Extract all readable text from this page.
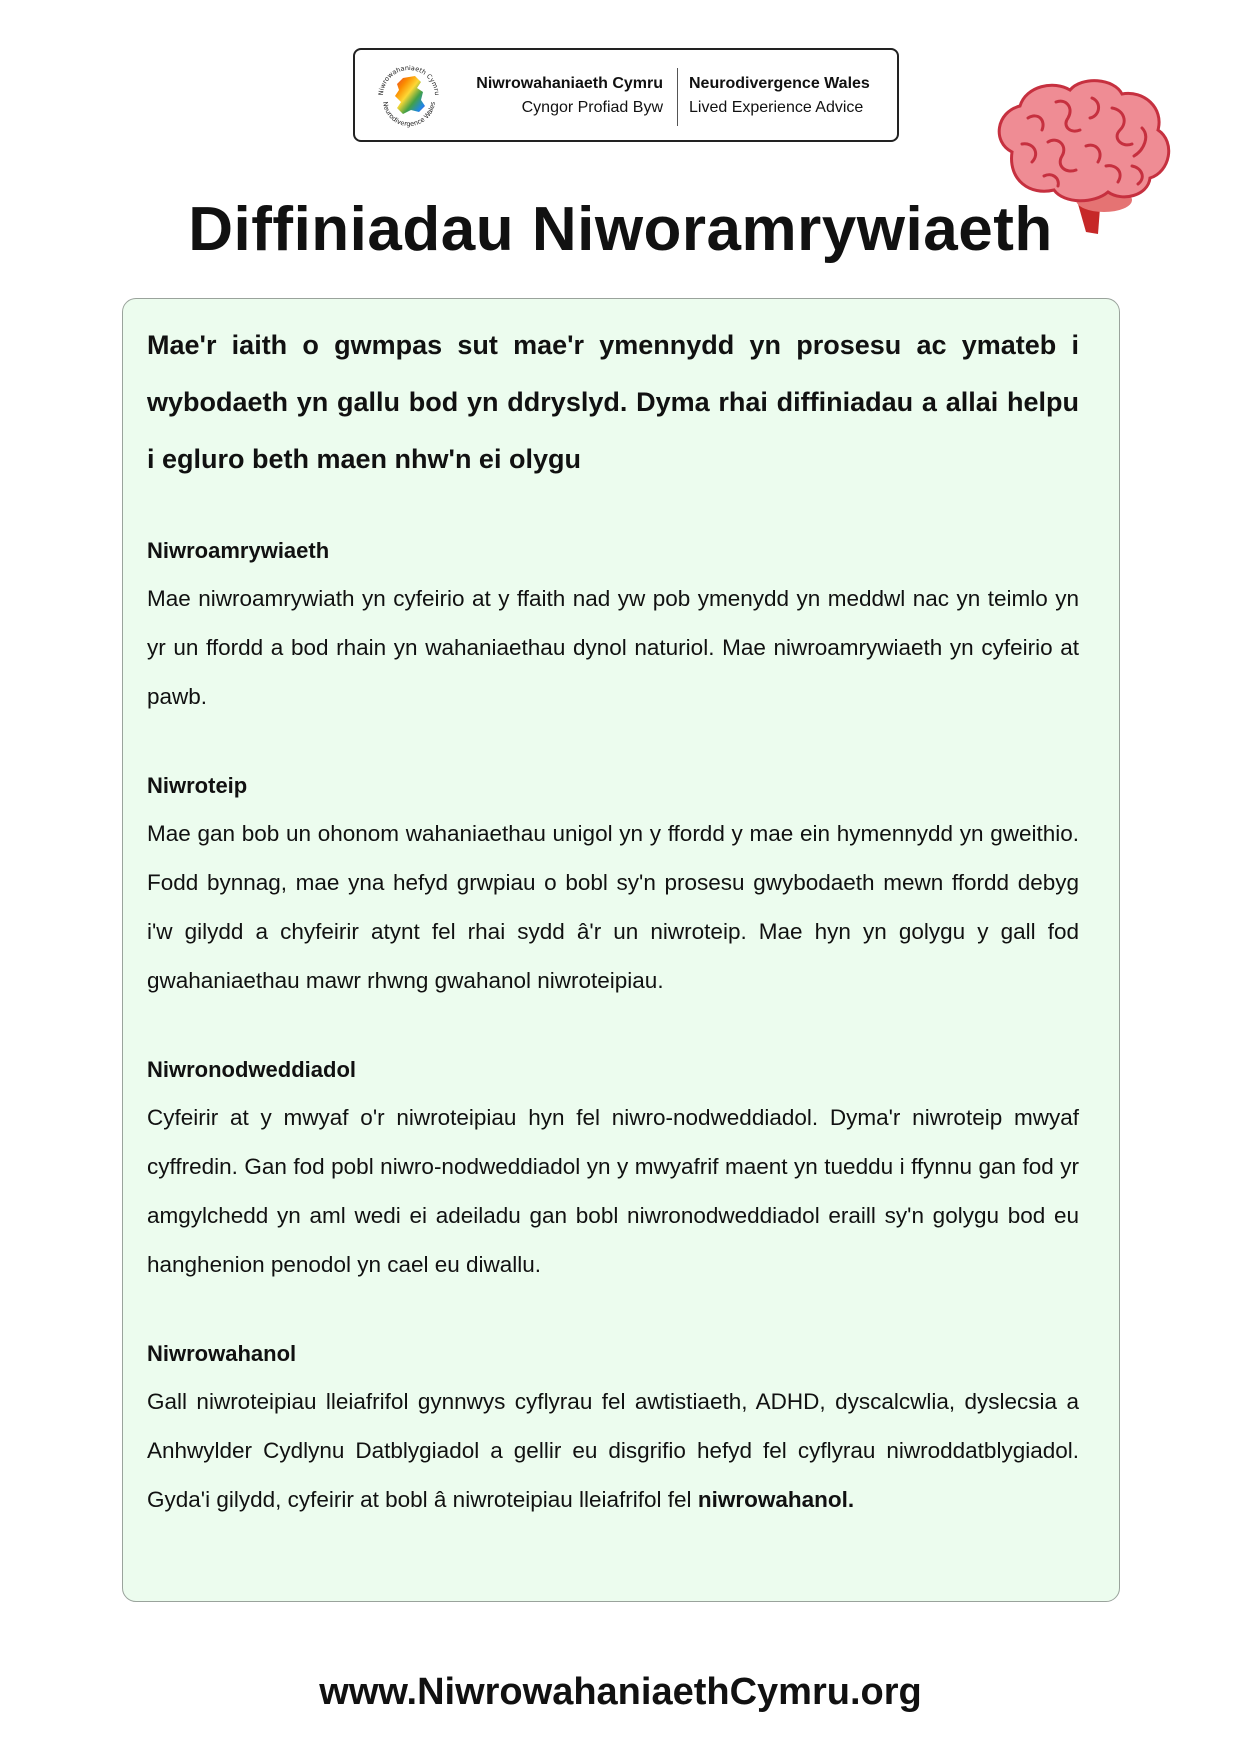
Niwrowahaniaeth Cymru
Neurodivergence Wales
Niwrowahaniaeth Cymru
Cyngor Profiad Byw
Neurodivergence Wales
Lived Experience Advice
Diffiniadau Niworamrywiaeth

Mae'r iaith o gwmpas sut mae'r ymennydd yn prosesu ac ymateb i wybodaeth yn gallu bod yn ddryslyd. Dyma rhai diffiniadau a allai helpu i egluro beth maen nhw'n ei olygu

Niwroamrywiaeth

Mae niwroamrywiath yn cyfeirio at y ffaith nad yw pob ymenydd yn meddwl nac yn teimlo yn yr un ffordd a bod rhain yn wahaniaethau dynol naturiol. Mae niwroamrywiaeth yn cyfeirio at pawb.

Niwroteip

Mae gan bob un ohonom wahaniaethau unigol yn y ffordd y mae ein hymennydd yn gweithio. Fodd bynnag, mae yna hefyd grwpiau o bobl sy'n prosesu gwybodaeth mewn ffordd debyg i'w gilydd a chyfeirir atynt fel rhai sydd â'r un niwroteip. Mae hyn yn golygu y gall fod gwahaniaethau mawr rhwng gwahanol niwroteipiau.

Niwronodweddiadol

Cyfeirir at y mwyaf o'r niwroteipiau hyn fel niwro-nodweddiadol. Dyma'r niwroteip mwyaf cyffredin. Gan fod pobl niwro-nodweddiadol yn y mwyafrif maent yn tueddu i ffynnu gan fod yr amgylchedd yn aml wedi ei adeiladu gan bobl niwronodweddiadol eraill sy'n golygu bod eu hanghenion penodol yn cael eu diwallu.

Niwrowahanol

Gall niwroteipiau lleiafrifol gynnwys cyflyrau fel awtistiaeth, ADHD, dyscalcwlia, dyslecsia a Anhwylder Cydlynu Datblygiadol a gellir eu disgrifio hefyd fel cyflyrau niwroddatblygiadol. Gyda'i gilydd, cyfeirir at bobl â niwroteipiau lleiafrifol fel niwrowahanol.

www.NiwrowahaniaethCymru.org
